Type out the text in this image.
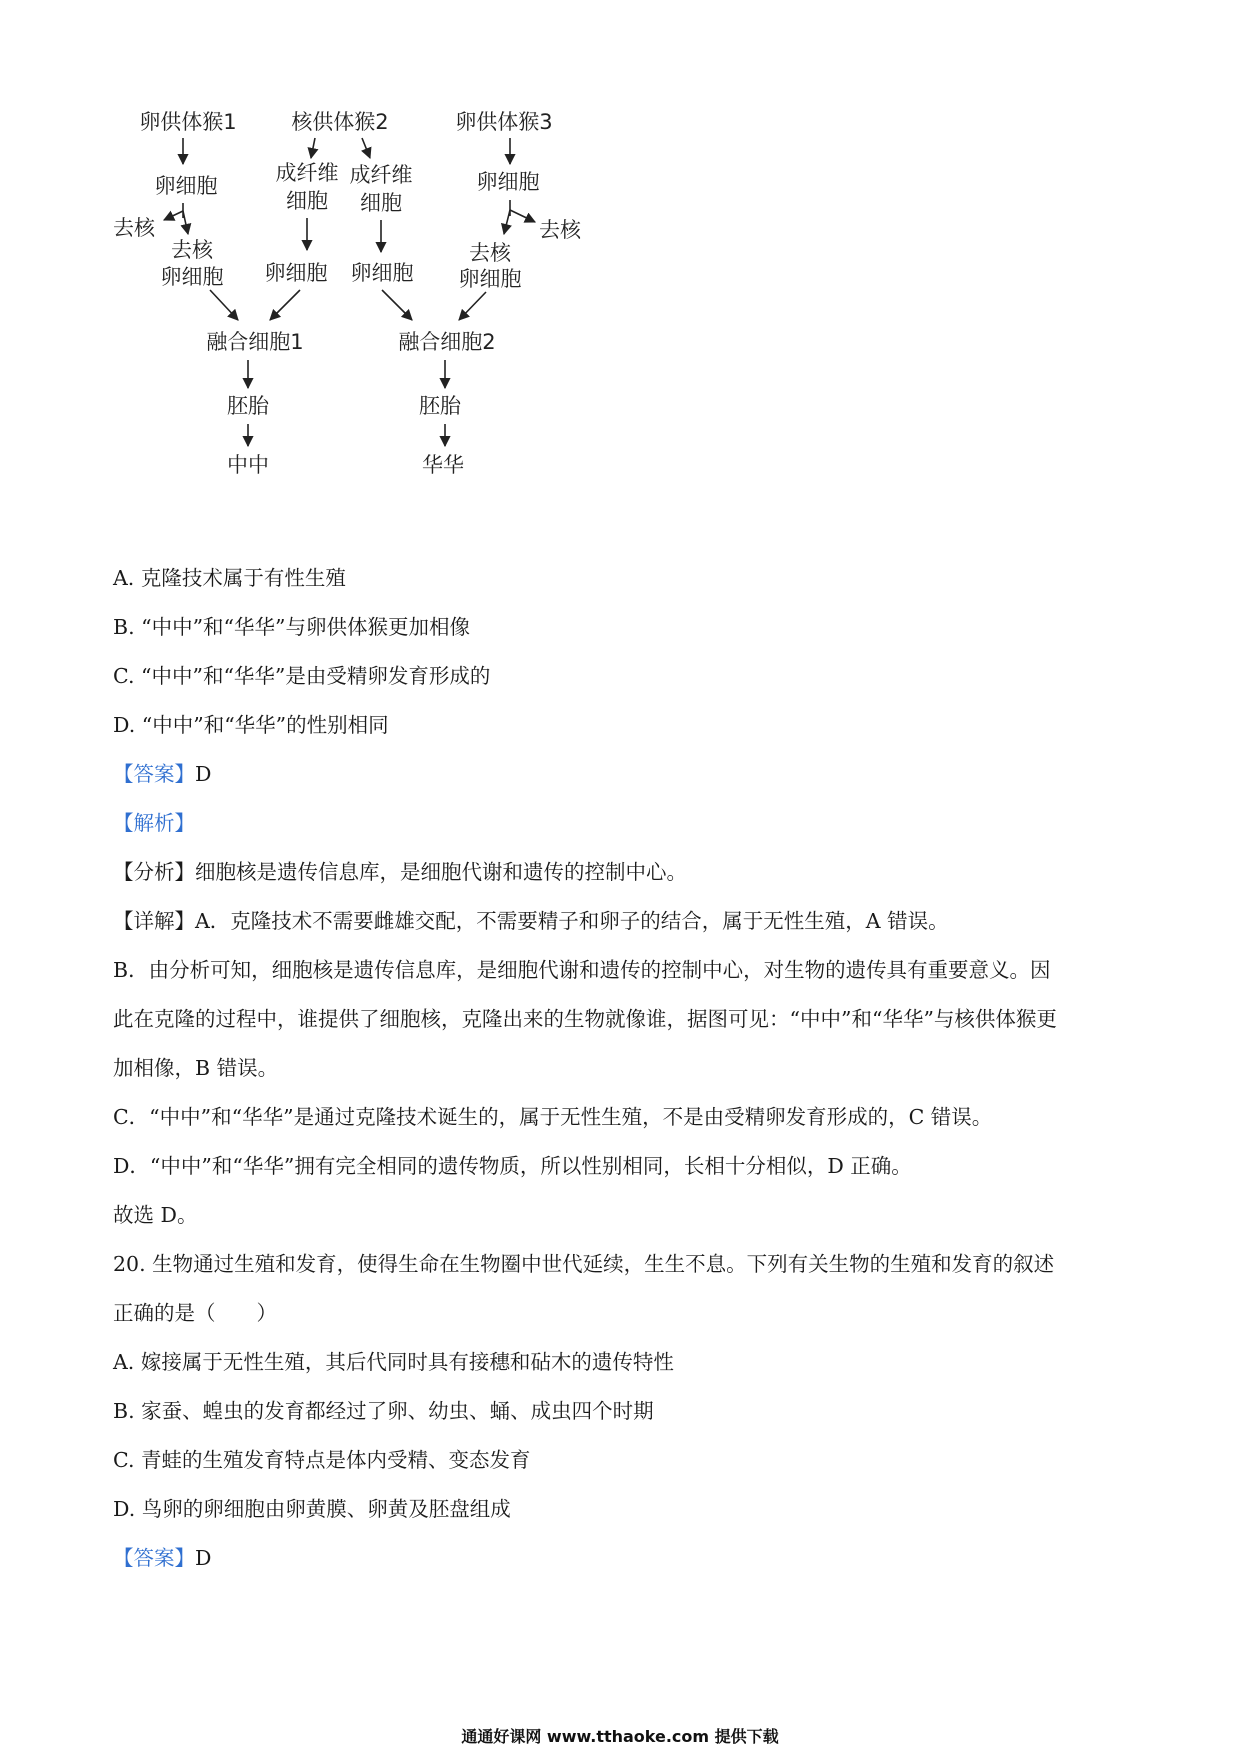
卵供体猴1	核供体猴2	卵供体猴3
卵细胞
成纤维
细胞
成纤维
细胞
卵细胞
去核
去核
卵细胞 卵细胞 卵细胞
去核
去核
卵细胞
融合细胞1	融合细胞2
胚胎	胚胎
中中	华华
A. 克隆技术属于有性生殖
B. “中中”和“华华”与卵供体猴更加相像
C. “中中”和“华华”是由受精卵发育形成的
D. “中中”和“华华”的性别相同
【答案】D
【解析】
【分析】细胞核是遗传信息库，是细胞代谢和遗传的控制中心。
【详解】A．克隆技术不需要雌雄交配，不需要精子和卵子的结合，属于无性生殖，A 错误。
B．由分析可知，细胞核是遗传信息库，是细胞代谢和遗传的控制中心，对生物的遗传具有重要意义。因
此在克隆的过程中，谁提供了细胞核，克隆出来的生物就像谁，据图可见：“中中”和“华华”与核供体猴更
加相像，B 错误。
C．“中中”和“华华”是通过克隆技术诞生的，属于无性生殖，不是由受精卵发育形成的，C 错误。
D．“中中”和“华华”拥有完全相同的遗传物质，所以性别相同，长相十分相似，D 正确。
故选 D。
20. 生物通过生殖和发育，使得生命在生物圈中世代延续，生生不息。下列有关生物的生殖和发育的叙述
正确的是（　　）
A. 嫁接属于无性生殖，其后代同时具有接穗和砧木的遗传特性
B. 家蚕、蝗虫的发育都经过了卵、幼虫、蛹、成虫四个时期
C. 青蛙的生殖发育特点是体内受精、变态发育
D. 鸟卵的卵细胞由卵黄膜、卵黄及胚盘组成
【答案】D
通通好课网 www.tthaoke.com 提供下载
